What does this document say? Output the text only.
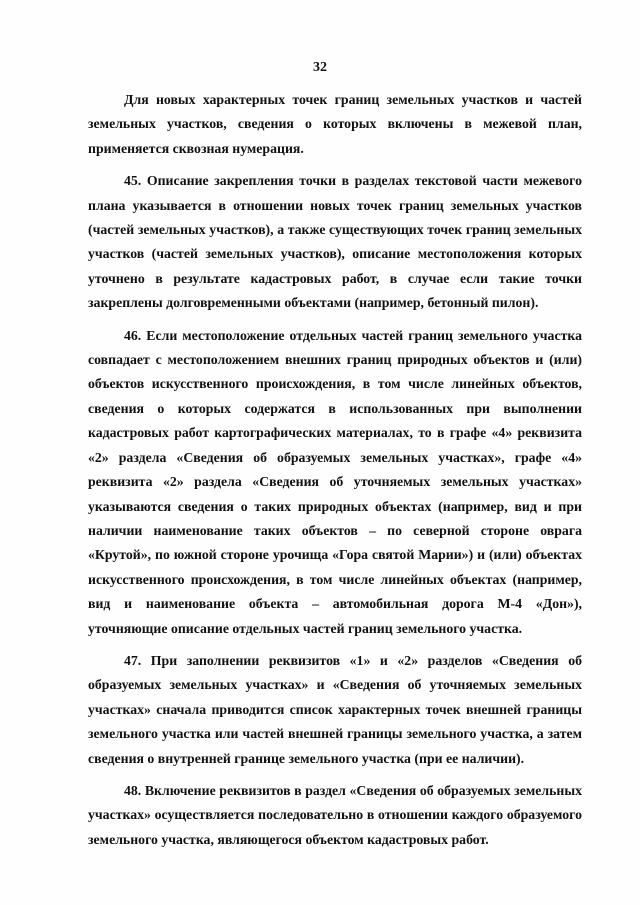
32

Для новых характерных точек границ земельных участков и частей земельных участков, сведения о которых включены в межевой план, применяется сквозная нумерация.

45. Описание закрепления точки в разделах текстовой части межевого плана указывается в отношении новых точек границ земельных участков (частей земельных участков), а также существующих точек границ земельных участков (частей земельных участков), описание местоположения которых уточнено в результате кадастровых работ, в случае если такие точки закреплены долговременными объектами (например, бетонный пилон).

46. Если местоположение отдельных частей границ земельного участка совпадает с местоположением внешних границ природных объектов и (или) объектов искусственного происхождения, в том числе линейных объектов, сведения о которых содержатся в использованных при выполнении кадастровых работ картографических материалах, то в графе «4» реквизита «2» раздела «Сведения об образуемых земельных участках», графе «4» реквизита «2» раздела «Сведения об уточняемых земельных участках» указываются сведения о таких природных объектах (например, вид и при наличии наименование таких объектов – по северной стороне оврага «Крутой», по южной стороне урочища «Гора святой Марии») и (или) объектах искусственного происхождения, в том числе линейных объектах (например, вид и наименование объекта – автомобильная дорога М-4 «Дон»), уточняющие описание отдельных частей границ земельного участка.

47. При заполнении реквизитов «1» и «2» разделов «Сведения об образуемых земельных участках» и «Сведения об уточняемых земельных участках» сначала приводится список характерных точек внешней границы земельного участка или частей внешней границы земельного участка, а затем сведения о внутренней границе земельного участка (при ее наличии).

48. Включение реквизитов в раздел «Сведения об образуемых земельных участках» осуществляется последовательно в отношении каждого образуемого земельного участка, являющегося объектом кадастровых работ.
